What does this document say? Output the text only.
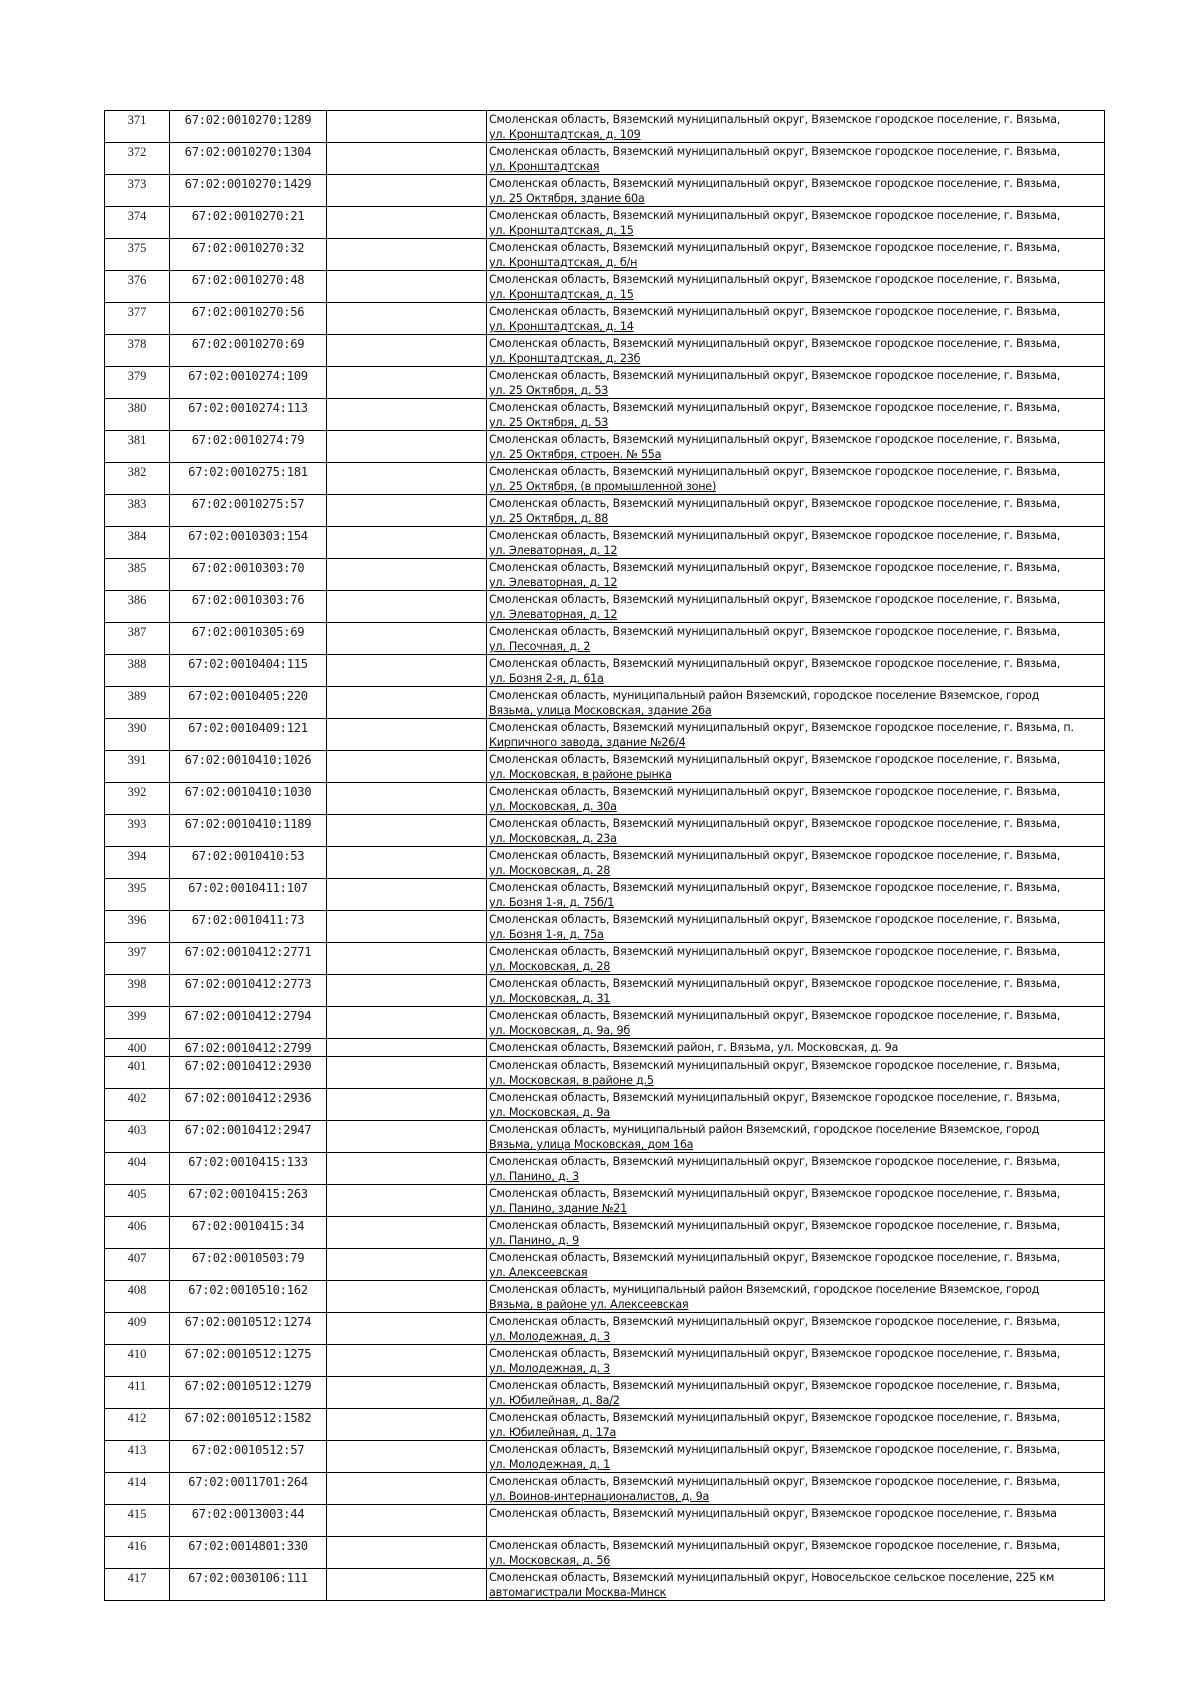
371	67:02:0010270:1289		Смоленская область, Вяземский муниципальный округ, Вяземское городское поселение, г. Вязьма,
ул. Кронштадтская, д. 109

372	67:02:0010270:1304		Смоленская область, Вяземский муниципальный округ, Вяземское городское поселение, г. Вязьма,
ул. Кронштадтская

373	67:02:0010270:1429		Смоленская область, Вяземский муниципальный округ, Вяземское городское поселение, г. Вязьма,
ул. 25 Октября, здание 60а

374	67:02:0010270:21		Смоленская область, Вяземский муниципальный округ, Вяземское городское поселение, г. Вязьма,
ул. Кронштадтская, д. 15

375	67:02:0010270:32		Смоленская область, Вяземский муниципальный округ, Вяземское городское поселение, г. Вязьма,
ул. Кронштадтская, д. б/н

376	67:02:0010270:48		Смоленская область, Вяземский муниципальный округ, Вяземское городское поселение, г. Вязьма,
ул. Кронштадтская, д. 15

377	67:02:0010270:56		Смоленская область, Вяземский муниципальный округ, Вяземское городское поселение, г. Вязьма,
ул. Кронштадтская, д. 14

378	67:02:0010270:69		Смоленская область, Вяземский муниципальный округ, Вяземское городское поселение, г. Вязьма,
ул. Кронштадтская, д. 23б

379	67:02:0010274:109		Смоленская область, Вяземский муниципальный округ, Вяземское городское поселение, г. Вязьма,
ул. 25 Октября, д. 53

380	67:02:0010274:113		Смоленская область, Вяземский муниципальный округ, Вяземское городское поселение, г. Вязьма,
ул. 25 Октября, д. 53

381	67:02:0010274:79		Смоленская область, Вяземский муниципальный округ, Вяземское городское поселение, г. Вязьма,
ул. 25 Октября, строен. № 55а

382	67:02:0010275:181		Смоленская область, Вяземский муниципальный округ, Вяземское городское поселение, г. Вязьма,
ул. 25 Октября, (в промышленной зоне)

383	67:02:0010275:57		Смоленская область, Вяземский муниципальный округ, Вяземское городское поселение, г. Вязьма,
ул. 25 Октября, д. 88

384	67:02:0010303:154		Смоленская область, Вяземский муниципальный округ, Вяземское городское поселение, г. Вязьма,
ул. Элеваторная, д. 12

385	67:02:0010303:70		Смоленская область, Вяземский муниципальный округ, Вяземское городское поселение, г. Вязьма,
ул. Элеваторная, д. 12

386	67:02:0010303:76		Смоленская область, Вяземский муниципальный округ, Вяземское городское поселение, г. Вязьма,
ул. Элеваторная, д. 12

387	67:02:0010305:69		Смоленская область, Вяземский муниципальный округ, Вяземское городское поселение, г. Вязьма,
ул. Песочная, д. 2

388	67:02:0010404:115		Смоленская область, Вяземский муниципальный округ, Вяземское городское поселение, г. Вязьма,
ул. Бозня 2-я, д. 61а

389	67:02:0010405:220		Смоленская область, муниципальный район Вяземский, городское поселение Вяземское, город
Вязьма, улица Московская, здание 26а

390	67:02:0010409:121		Смоленская область, Вяземский муниципальный округ, Вяземское городское поселение, г. Вязьма, п.
Кирпичного завода, здание №26/4

391	67:02:0010410:1026		Смоленская область, Вяземский муниципальный округ, Вяземское городское поселение, г. Вязьма,
ул. Московская, в районе рынка

392	67:02:0010410:1030		Смоленская область, Вяземский муниципальный округ, Вяземское городское поселение, г. Вязьма,
ул. Московская, д. 30а

393	67:02:0010410:1189		Смоленская область, Вяземский муниципальный округ, Вяземское городское поселение, г. Вязьма,
ул. Московская, д. 23а

394	67:02:0010410:53		Смоленская область, Вяземский муниципальный округ, Вяземское городское поселение, г. Вязьма,
ул. Московская, д. 28

395	67:02:0010411:107		Смоленская область, Вяземский муниципальный округ, Вяземское городское поселение, г. Вязьма,
ул. Бозня 1-я, д. 75б/1

396	67:02:0010411:73		Смоленская область, Вяземский муниципальный округ, Вяземское городское поселение, г. Вязьма,
ул. Бозня 1-я, д. 75а

397	67:02:0010412:2771		Смоленская область, Вяземский муниципальный округ, Вяземское городское поселение, г. Вязьма,
ул. Московская, д. 28

398	67:02:0010412:2773		Смоленская область, Вяземский муниципальный округ, Вяземское городское поселение, г. Вязьма,
ул. Московская, д. 31

399	67:02:0010412:2794		Смоленская область, Вяземский муниципальный округ, Вяземское городское поселение, г. Вязьма,
ул. Московская, д. 9а, 9б

400	67:02:0010412:2799		Смоленская область, Вяземский район, г. Вязьма, ул. Московская, д. 9а

401	67:02:0010412:2930		Смоленская область, Вяземский муниципальный округ, Вяземское городское поселение, г. Вязьма,
ул. Московская, в районе д.5

402	67:02:0010412:2936		Смоленская область, Вяземский муниципальный округ, Вяземское городское поселение, г. Вязьма,
ул. Московская, д. 9а

403	67:02:0010412:2947		Смоленская область, муниципальный район Вяземский, городское поселение Вяземское, город
Вязьма, улица Московская, дом 16а

404	67:02:0010415:133		Смоленская область, Вяземский муниципальный округ, Вяземское городское поселение, г. Вязьма,
ул. Панино, д. 3

405	67:02:0010415:263		Смоленская область, Вяземский муниципальный округ, Вяземское городское поселение, г. Вязьма,
ул. Панино, здание №21

406	67:02:0010415:34		Смоленская область, Вяземский муниципальный округ, Вяземское городское поселение, г. Вязьма,
ул. Панино, д. 9

407	67:02:0010503:79		Смоленская область, Вяземский муниципальный округ, Вяземское городское поселение, г. Вязьма,
ул. Алексеевская

408	67:02:0010510:162		Смоленская область, муниципальный район Вяземский, городское поселение Вяземское, город
Вязьма, в районе ул. Алексеевская

409	67:02:0010512:1274		Смоленская область, Вяземский муниципальный округ, Вяземское городское поселение, г. Вязьма,
ул. Молодежная, д. 3

410	67:02:0010512:1275		Смоленская область, Вяземский муниципальный округ, Вяземское городское поселение, г. Вязьма,
ул. Молодежная, д. 3

411	67:02:0010512:1279		Смоленская область, Вяземский муниципальный округ, Вяземское городское поселение, г. Вязьма,
ул. Юбилейная, д. 8а/2

412	67:02:0010512:1582		Смоленская область, Вяземский муниципальный округ, Вяземское городское поселение, г. Вязьма,
ул. Юбилейная, д. 17а

413	67:02:0010512:57		Смоленская область, Вяземский муниципальный округ, Вяземское городское поселение, г. Вязьма,
ул. Молодежная, д. 1

414	67:02:0011701:264		Смоленская область, Вяземский муниципальный округ, Вяземское городское поселение, г. Вязьма,
ул. Воинов-интернационалистов, д. 9а

415	67:02:0013003:44		Смоленская область, Вяземский муниципальный округ, Вяземское городское поселение, г. Вязьма

416	67:02:0014801:330		Смоленская область, Вяземский муниципальный округ, Вяземское городское поселение, г. Вязьма,
ул. Московская, д. 56

417	67:02:0030106:111		Смоленская область, Вяземский муниципальный округ, Новосельское сельское поселение, 225 км
автомагистрали Москва-Минск
